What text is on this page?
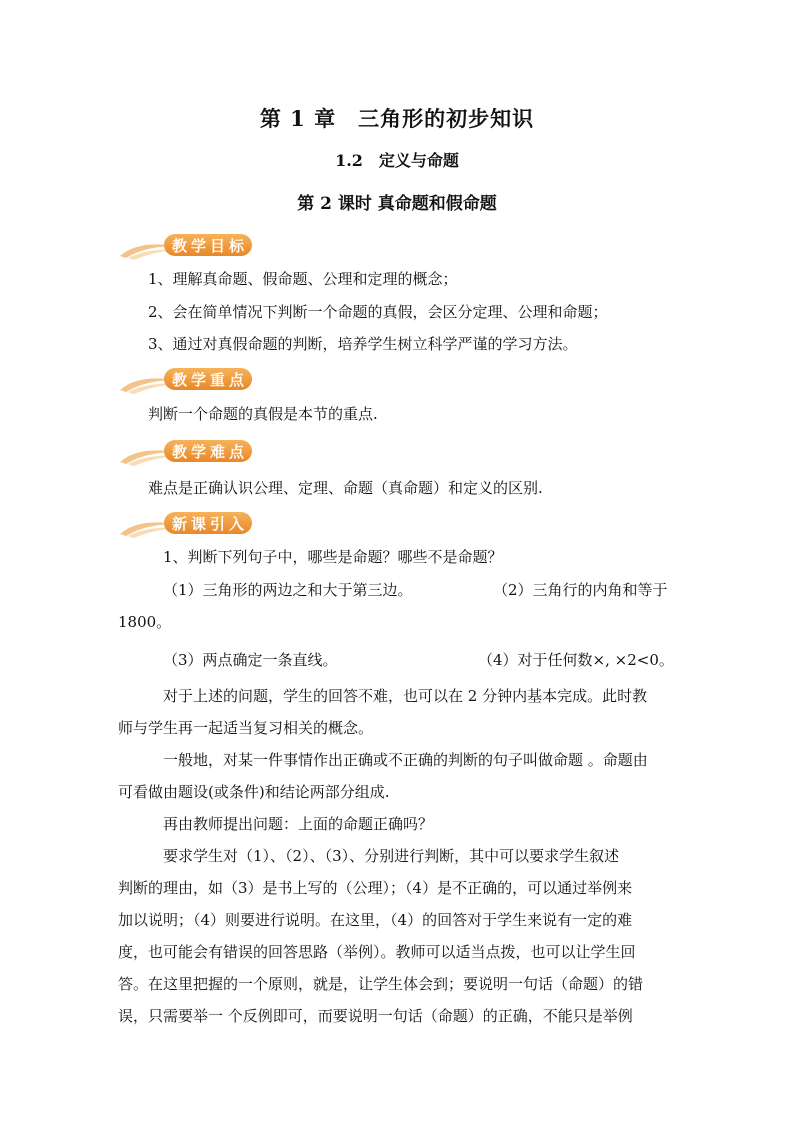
第 1 章　三角形的初步知识
1.2　定义与命题
第 2 课时 真命题和假命题
教 学 目 标
1、理解真命题、假命题、公理和定理的概念；
2、会在简单情况下判断一个命题的真假，会区分定理、公理和命题；
3、通过对真假命题的判断，培养学生树立科学严谨的学习方法。
教 学 重 点
判断一个命题的真假是本节的重点.
教 学 难 点
难点是正确认识公理、定理、命题（真命题）和定义的区别.
新 课 引 入
1、判断下列句子中，哪些是命题？哪些不是命题？
（1）三角形的两边之和大于第三边。	（2）三角行的内角和等于
1800。
（3）两点确定一条直线。	（4）对于任何数×, ×2<0。
对于上述的问题，学生的回答不难，也可以在 2 分钟内基本完成。此时教
师与学生再一起适当复习相关的概念。
一般地，对某一件事情作出正确或不正确的判断的句子叫做命题 。命题由
可看做由题设(或条件)和结论两部分组成.
再由教师提出问题：上面的命题正确吗？
要求学生对（1）、（2）、（3）、分别进行判断，其中可以要求学生叙述
判断的理由，如（3）是书上写的（公理）；（4）是不正确的，可以通过举例来
加以说明；（4）则要进行说明。在这里，（4）的回答对于学生来说有一定的难
度，也可能会有错误的回答思路（举例）。教师可以适当点拨，也可以让学生回
答。在这里把握的一个原则，就是，让学生体会到；要说明一句话（命题）的错
误，只需要举一 个反例即可，而要说明一句话（命题）的正确，不能只是举例
